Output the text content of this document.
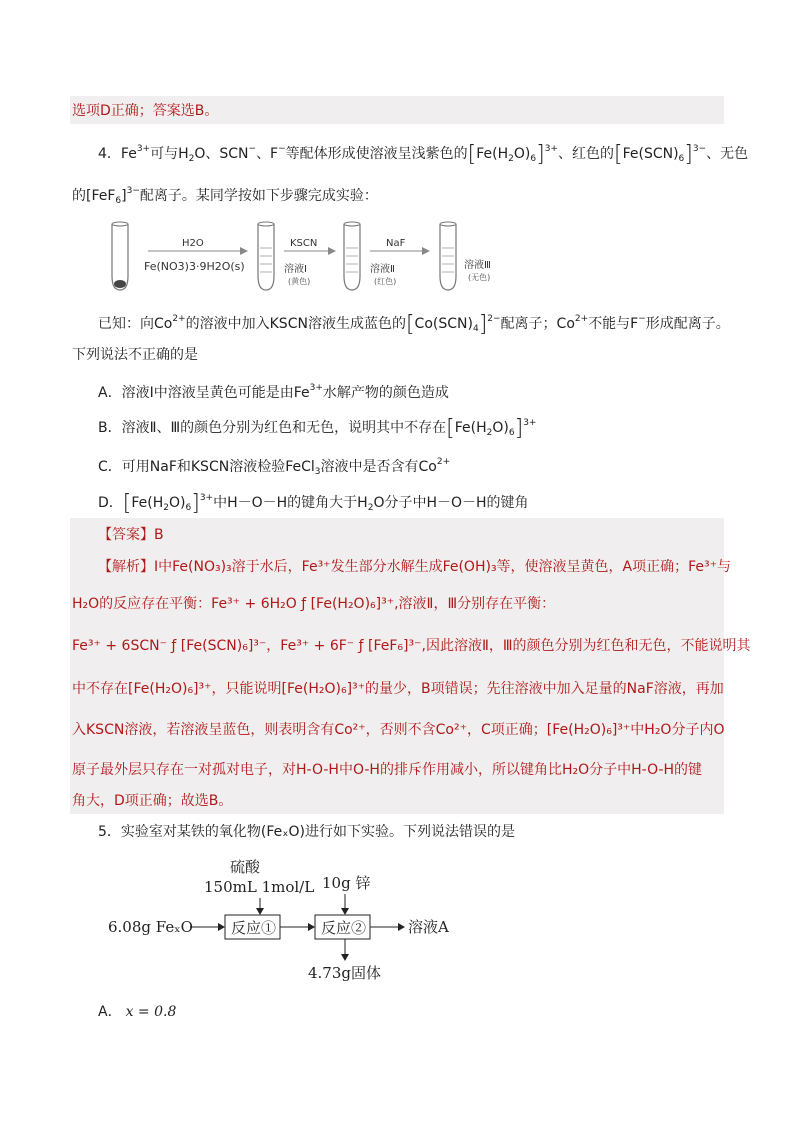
选项D正确；答案选B。
4．$Fe^{3+}$可与$H_2O$、SCN−、F−等配体形成使溶液呈浅紫色的$[Fe(H_2O)_6]^{3+}$、红色的$[Fe(SCN)_6]^{3-}$、无色
的$[FeF_6]^{3-}$配离子。某同学按如下步骤完成实验：
H2O
Fe(NO3)3·9H2O(s)	溶液Ⅰ
(黄色)
KSCN
溶液Ⅱ
(红色)
NaF
溶液Ⅲ
(无色)
已知：向$Co^{2+}$的溶液中加入KSCN溶液生成蓝色的$[Co(SCN)_4]^{2-}$配离子；$Co^{2+}$不能与F−形成配离子。
下列说法不正确的是
A．溶液Ⅰ中溶液呈黄色可能是由$Fe^{3+}$水解产物的颜色造成
B．溶液Ⅱ、Ⅲ的颜色分别为红色和无色，说明其中不存在$[Fe(H_2O)_6]^{3+}$
C．可用NaF和KSCN溶液检验FeCl$_3$溶液中是否含有$Co^{2+}$
D．$[Fe(H_2O)_6]^{3+}$中H－O－H的键角大于$H_2O$分子中H－O－H的键角
【答案】B
【解析】Ⅰ中Fe(NO₃)₃溶于水后，Fe³⁺发生部分水解生成Fe(OH)₃等，使溶液呈黄色，A项正确；Fe³⁺与
H₂O的反应存在平衡：Fe³⁺ + 6H₂O ƒ [Fe(H₂O)₆]³⁺,溶液Ⅱ，Ⅲ分别存在平衡：
Fe³⁺ + 6SCN⁻ ƒ [Fe(SCN)₆]³⁻，Fe³⁺ + 6F⁻ ƒ [FeF₆]³⁻,因此溶液Ⅱ，Ⅲ的颜色分别为红色和无色，不能说明其
中不存在[Fe(H₂O)₆]³⁺，只能说明[Fe(H₂O)₆]³⁺的量少，B项错误；先往溶液中加入足量的NaF溶液，再加
入KSCN溶液，若溶液呈蓝色，则表明含有Co²⁺，否则不含Co²⁺，C项正确；[Fe(H₂O)₆]³⁺中H₂O分子内O
原子最外层只存在一对孤对电子，对H-O-H中O-H的排斥作用减小，所以键角比H₂O分子中H-O-H的键
角大，D项正确；故选B。
5．实验室对某铁的氧化物(FeₓO)进行如下实验。下列说法错误的是
硫酸
150mL 1mol/L 10g 锌
6.08g FeₓO	反应①	反应②	溶液A
4.73g固体
A． x = 0.8
